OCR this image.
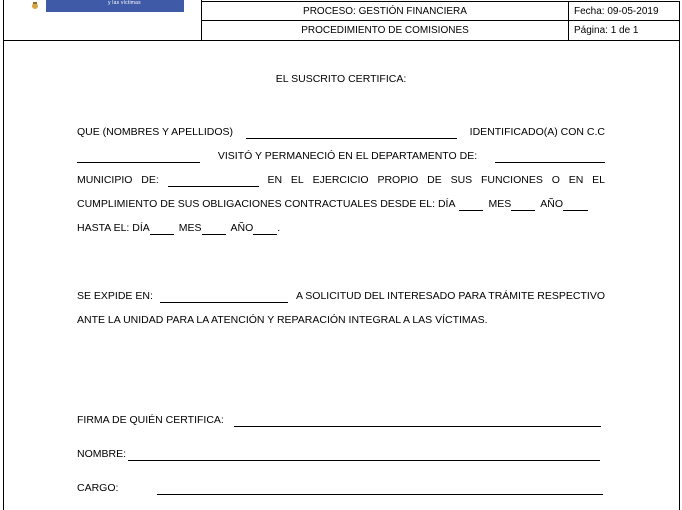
y las víctimas
PROCESO: GESTIÓN FINANCIERA	Fecha: 09-05-2019
PROCEDIMIENTO DE COMISIONES	Página: 1 de 1
EL SUSCRITO CERTIFICA:
QUE (NOMBRES Y APELLIDOS)	IDENTIFICADO(A) CON C.C
VISITÓ Y PERMANECIÓ EN EL DEPARTAMENTO DE:
MUNICIPIO DE:	EN EL EJERCICIO PROPIO DE SUS FUNCIONES O EN EL
CUMPLIMIENTO DE SUS OBLIGACIONES CONTRACTUALES DESDE EL: DÍA	MES	AÑO
HASTA EL: DÍA	MES	AÑO .
SE EXPIDE EN:	A SOLICITUD DEL INTERESADO PARA TRÁMITE RESPECTIVO
ANTE LA UNIDAD PARA LA ATENCIÓN Y REPARACIÓN INTEGRAL A LAS VÍCTIMAS.
FIRMA DE QUIÉN CERTIFICA:
NOMBRE:
CARGO:
